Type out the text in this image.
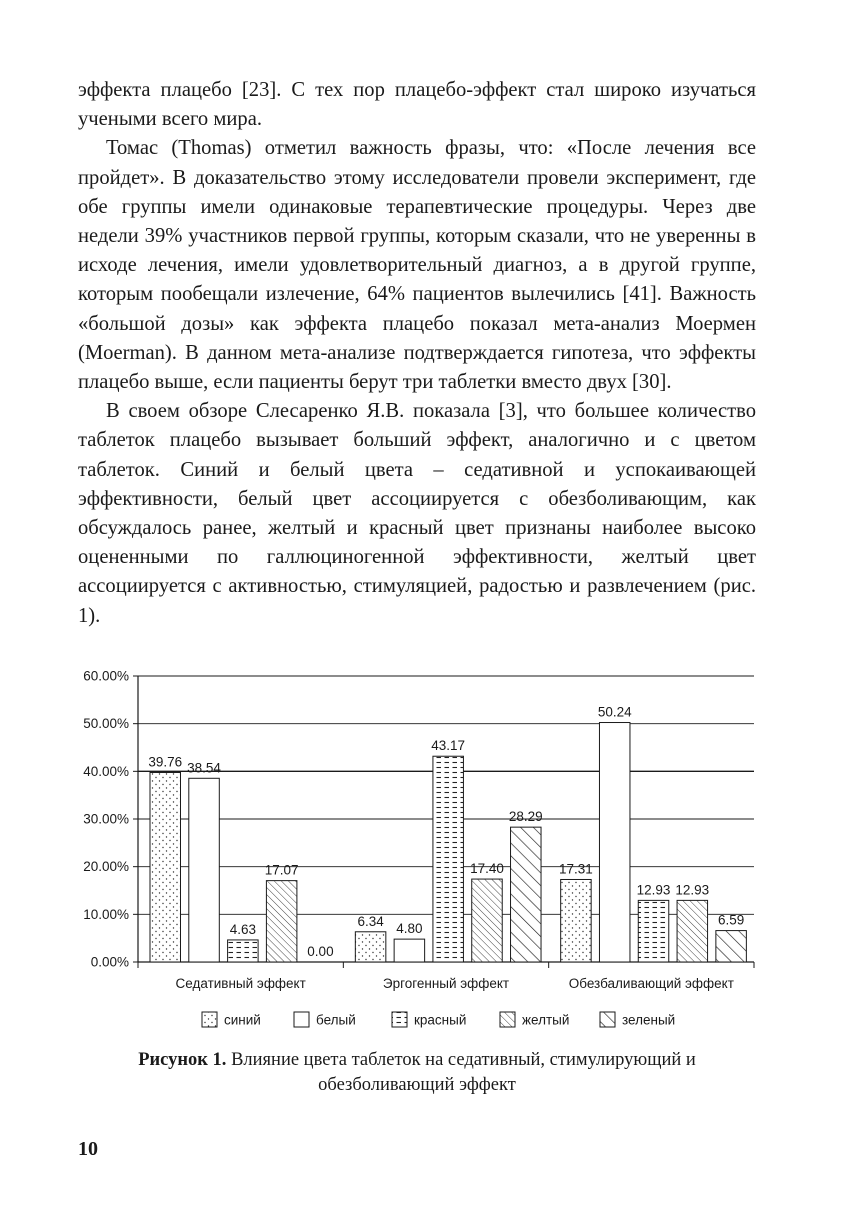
эффекта плацебо [23]. С тех пор плацебо-эффект стал широко изучаться учеными всего мира.

Томас (Thomas) отметил важность фразы, что: «После лечения все пройдет». В доказательство этому исследователи провели эксперимент, где обе группы имели одинаковые терапевтические процедуры. Через две недели 39% участников первой группы, которым сказали, что не уверенны в исходе лечения, имели удовлетворительный диагноз, а в другой группе, которым пообещали излечение, 64% пациентов вылечились [41]. Важность «большой дозы» как эффекта плацебо показал мета-анализ Моермен (Moerman). В данном мета-анализе подтверждается гипотеза, что эффекты плацебо выше, если пациенты берут три таблетки вместо двух [30].

В своем обзоре Слесаренко Я.В. показала [3], что большее количество таблеток плацебо вызывает больший эффект, аналогично и с цветом таблеток. Синий и белый цвета – седативной и успокаивающей эффективности, белый цвет ассоциируется с обезболивающим, как обсуждалось ранее, желтый и красный цвет признаны наиболее высоко оцененными по галлюциногенной эффективности, желтый цвет ассоциируется с активностью, стимуляцией, радостью и развлечением (рис. 1).

0.00%
10.00%
20.00%
30.00%
40.00%
50.00%
60.00%
Седативный эффект	Эргогенный эффект	Обезбаливающий эффект
39.76 38.54
4.63
17.07
0.00
6.34 4.80
43.17
17.40
28.29
17.31
50.24
12.93 12.93
6.59
синий	белый	красный	желтый	зеленый
Рисунок 1. Влияние цвета таблеток на седативный, стимулирующий и обезболивающий эффект
10
